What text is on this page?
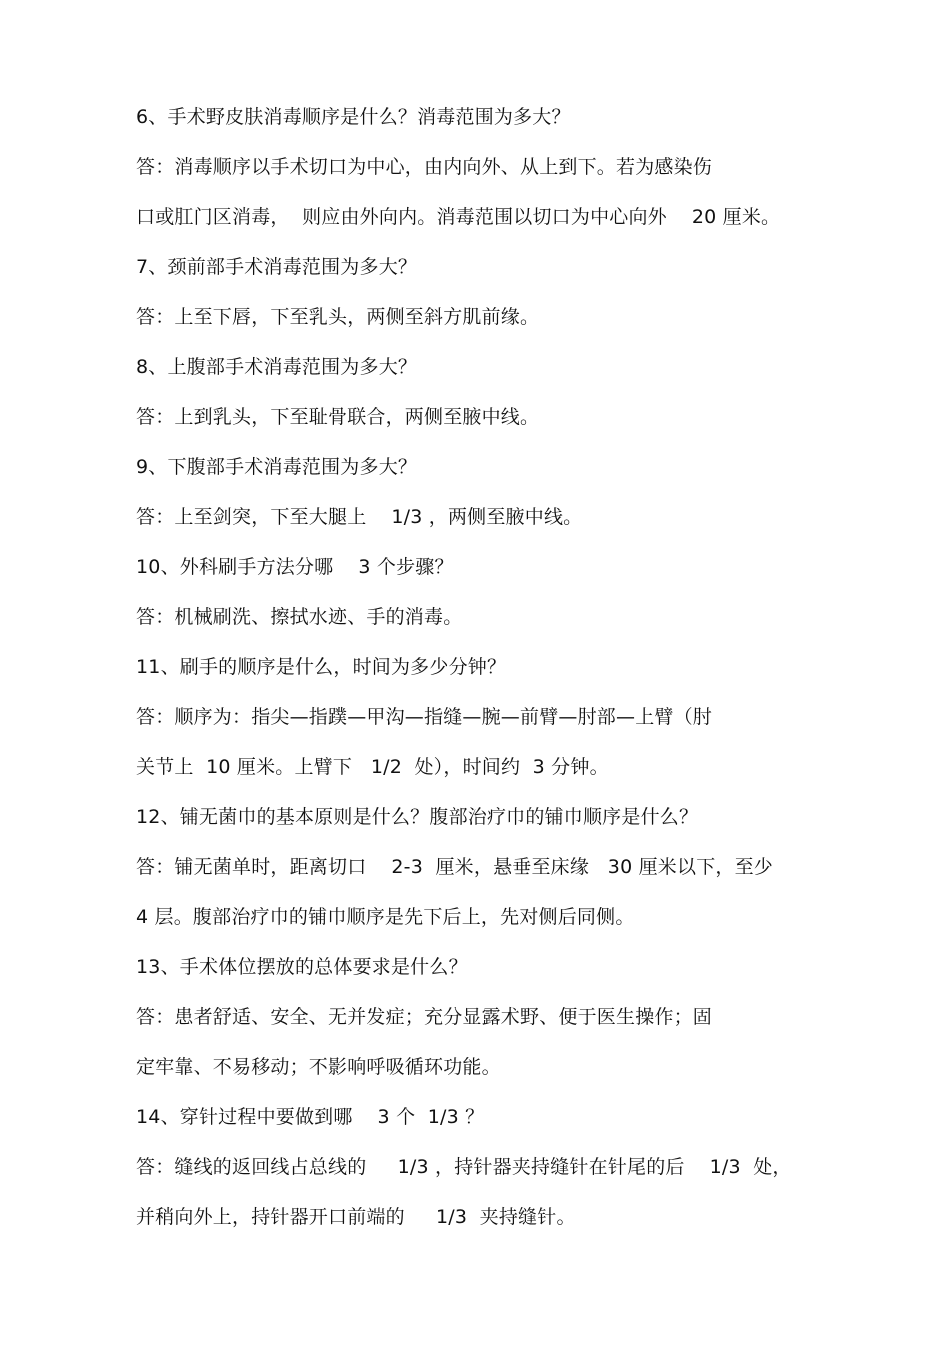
6、手术野皮肤消毒顺序是什么？消毒范围为多大？
答：消毒顺序以手术切口为中心，由内向外、从上到下。若为感染伤
口或肛门区消毒，  则应由外向内。消毒范围以切口为中心向外    20 厘米。
7、颈前部手术消毒范围为多大？
答：上至下唇，下至乳头，两侧至斜方肌前缘。
8、上腹部手术消毒范围为多大？
答：上到乳头，下至耻骨联合，两侧至腋中线。
9、下腹部手术消毒范围为多大？
答：上至剑突，下至大腿上    1/3 ，两侧至腋中线。
10、外科刷手方法分哪    3 个步骤？
答：机械刷洗、擦拭水迹、手的消毒。
11、刷手的顺序是什么，时间为多少分钟？
答：顺序为：指尖—指蹼—甲沟—指缝—腕—前臂—肘部—上臂（肘
关节上  10 厘米。上臂下   1/2  处），时间约  3 分钟。
12、铺无菌巾的基本原则是什么？腹部治疗巾的铺巾顺序是什么？
答：铺无菌单时，距离切口    2-3  厘米，悬垂至床缘   30 厘米以下，至少
4 层。腹部治疗巾的铺巾顺序是先下后上，先对侧后同侧。
13、手术体位摆放的总体要求是什么？
答：患者舒适、安全、无并发症；充分显露术野、便于医生操作；固
定牢靠、不易移动；不影响呼吸循环功能。
14、穿针过程中要做到哪    3 个  1/3 ？
答：缝线的返回线占总线的     1/3 ，持针器夹持缝针在针尾的后    1/3  处，
并稍向外上，持针器开口前端的     1/3  夹持缝针。
